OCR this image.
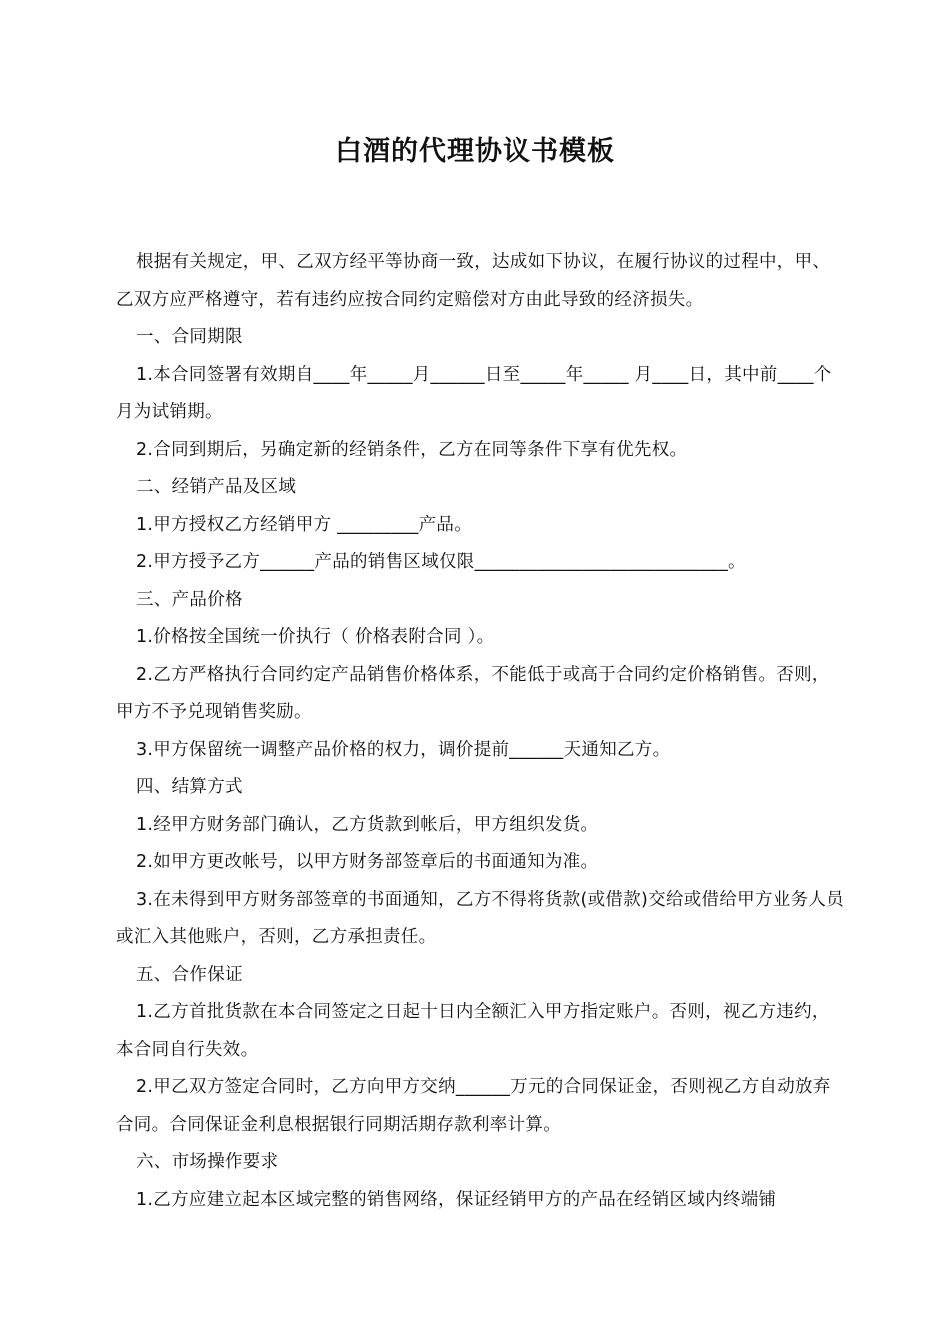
白酒的代理协议书模板

根据有关规定，甲、乙双方经平等协商一致，达成如下协议，在履行协议的过程中，甲、乙双方应严格遵守，若有违约应按合同约定赔偿对方由此导致的经济损失。

一、合同期限

1.本合同签署有效期自____年_____月______日至_____年_____ 月____日，其中前____个月为试销期。

2.合同到期后，另确定新的经销条件，乙方在同等条件下享有优先权。

二、经销产品及区域

1.甲方授权乙方经销甲方 _________产品。

2.甲方授予乙方______产品的销售区域仅限____________________________。

三、产品价格

1.价格按全国统一价执行（ 价格表附合同 ）。

2.乙方严格执行合同约定产品销售价格体系，不能低于或高于合同约定价格销售。否则，甲方不予兑现销售奖励。

3.甲方保留统一调整产品价格的权力，调价提前______天通知乙方。

四、结算方式

1.经甲方财务部门确认，乙方货款到帐后，甲方组织发货。

2.如甲方更改帐号，以甲方财务部签章后的书面通知为准。

3.在未得到甲方财务部签章的书面通知，乙方不得将货款(或借款)交给或借给甲方业务人员或汇入其他账户，否则，乙方承担责任。

五、合作保证

1.乙方首批货款在本合同签定之日起十日内全额汇入甲方指定账户。否则，视乙方违约，本合同自行失效。

2.甲乙双方签定合同时，乙方向甲方交纳______万元的合同保证金，否则视乙方自动放弃合同。合同保证金利息根据银行同期活期存款利率计算。

六、市场操作要求

1.乙方应建立起本区域完整的销售网络，保证经销甲方的产品在经销区域内终端铺
